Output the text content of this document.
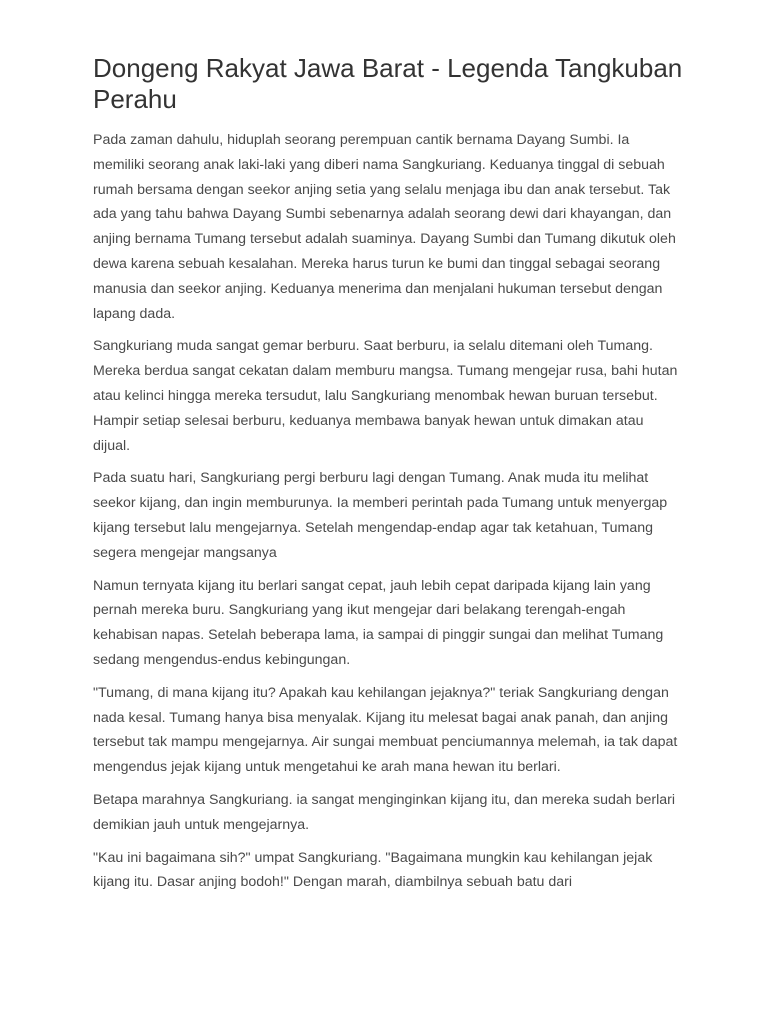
Dongeng Rakyat Jawa Barat - Legenda Tangkuban Perahu

Pada zaman dahulu, hiduplah seorang perempuan cantik bernama Dayang Sumbi. Ia memiliki seorang anak laki-laki yang diberi nama Sangkuriang. Keduanya tinggal di sebuah rumah bersama dengan seekor anjing setia yang selalu menjaga ibu dan anak tersebut. Tak ada yang tahu bahwa Dayang Sumbi sebenarnya adalah seorang dewi dari khayangan, dan anjing bernama Tumang tersebut adalah suaminya. Dayang Sumbi dan Tumang dikutuk oleh dewa karena sebuah kesalahan. Mereka harus turun ke bumi dan tinggal sebagai seorang manusia dan seekor anjing. Keduanya menerima dan menjalani hukuman tersebut dengan lapang dada.

Sangkuriang muda sangat gemar berburu. Saat berburu, ia selalu ditemani oleh Tumang. Mereka berdua sangat cekatan dalam memburu mangsa. Tumang mengejar rusa, bahi hutan atau kelinci hingga mereka tersudut, lalu Sangkuriang menombak hewan buruan tersebut. Hampir setiap selesai berburu, keduanya membawa banyak hewan untuk dimakan atau dijual.

Pada suatu hari, Sangkuriang pergi berburu lagi dengan Tumang. Anak muda itu melihat seekor kijang, dan ingin memburunya. Ia memberi perintah pada Tumang untuk menyergap kijang tersebut lalu mengejarnya. Setelah mengendap-endap agar tak ketahuan, Tumang segera mengejar mangsanya

Namun ternyata kijang itu berlari sangat cepat, jauh lebih cepat daripada kijang lain yang pernah mereka buru. Sangkuriang yang ikut mengejar dari belakang terengah-engah kehabisan napas. Setelah beberapa lama, ia sampai di pinggir sungai dan melihat Tumang sedang mengendus-endus kebingungan.

"Tumang, di mana kijang itu? Apakah kau kehilangan jejaknya?" teriak Sangkuriang dengan nada kesal. Tumang hanya bisa menyalak. Kijang itu melesat bagai anak panah, dan anjing tersebut tak mampu mengejarnya. Air sungai membuat penciumannya melemah, ia tak dapat mengendus jejak kijang untuk mengetahui ke arah mana hewan itu berlari.

Betapa marahnya Sangkuriang. ia sangat menginginkan kijang itu, dan mereka sudah berlari demikian jauh untuk mengejarnya.

"Kau ini bagaimana sih?" umpat Sangkuriang. "Bagaimana mungkin kau kehilangan jejak kijang itu. Dasar anjing bodoh!" Dengan marah, diambilnya sebuah batu dari
